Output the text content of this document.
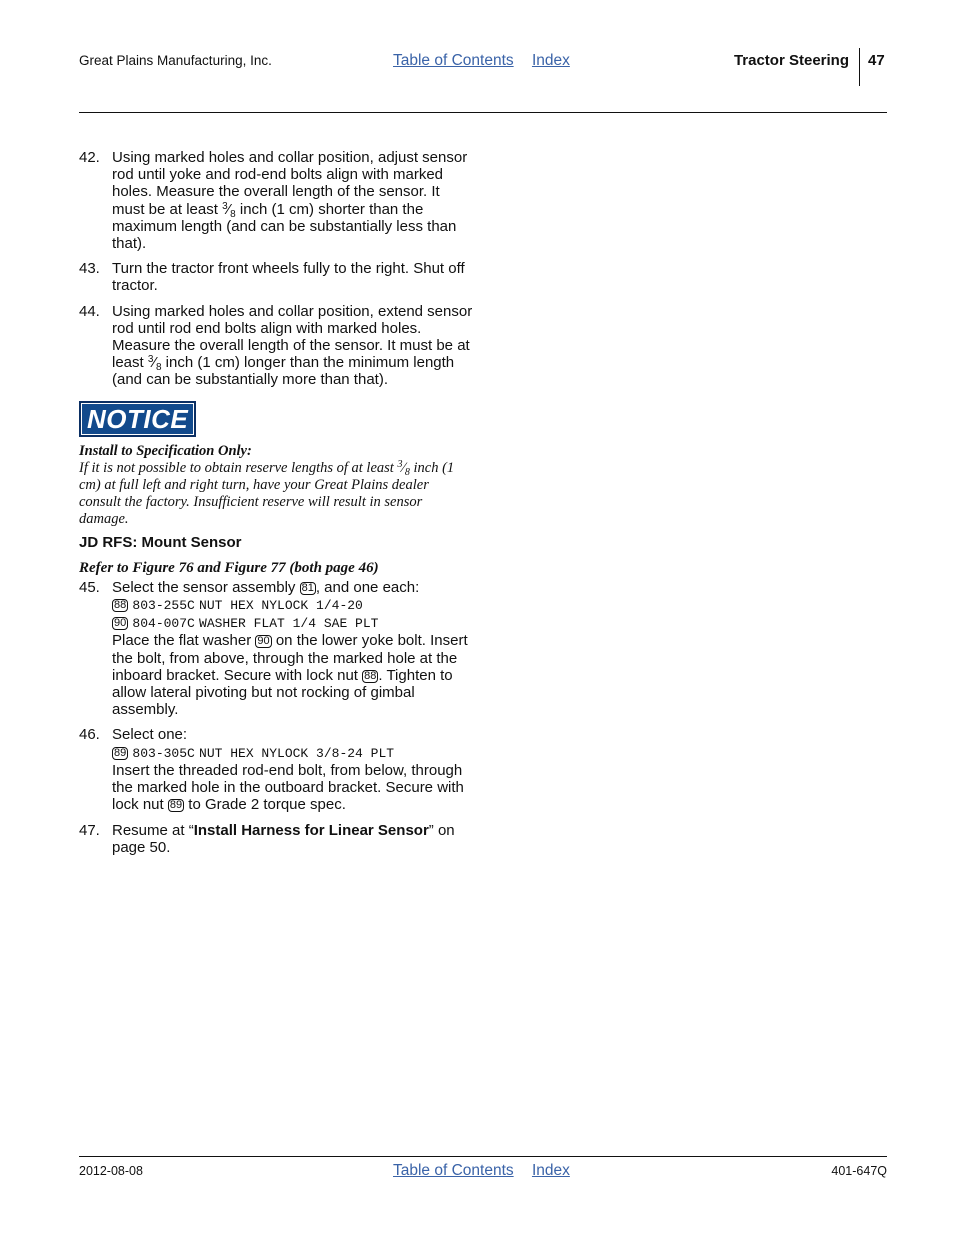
Great Plains Manufacturing, Inc.	Table of Contents Index	Tractor Steering 47
42. Using marked holes and collar position, adjust sensor rod until yoke and rod-end bolts align with marked holes. Measure the overall length of the sensor. It must be at least $^3⁄_8$ inch (1 cm) shorter than the maximum length (and can be substantially less than that).
43. Turn the tractor front wheels fully to the right. Shut off tractor.
44. Using marked holes and collar position, extend sensor rod until rod end bolts align with marked holes. Measure the overall length of the sensor. It must be at least $^3⁄_8$ inch (1 cm) longer than the minimum length (and can be substantially more than that).
NOTICE
Install to Specification Only:
If it is not possible to obtain reserve lengths of at least $^3⁄_8$ inch (1 cm) at full left and right turn, have your Great Plains dealer consult the factory. Insufficient reserve will result in sensor damage.
JD RFS: Mount Sensor
Refer to Figure 76 and Figure 77 (both page 46)
45. Select the sensor assembly 81 , and one each:
88 803-255C NUT HEX NYLOCK 1/4-20
90 804-007C WASHER FLAT 1/4 SAE PLT
Place the flat washer 90 on the lower yoke bolt. Insert the bolt, from above, through the marked hole at the inboard bracket. Secure with lock nut 88 . Tighten to allow lateral pivoting but not rocking of gimbal assembly.
46. Select one:
89 803-305C NUT HEX NYLOCK 3/8-24 PLT
Insert the threaded rod-end bolt, from below, through the marked hole in the outboard bracket. Secure with lock nut 89 to Grade 2 torque spec.
47. Resume at “Install Harness for Linear Sensor” on page 50.
2012-08-08	Table of Contents Index	401-647Q
